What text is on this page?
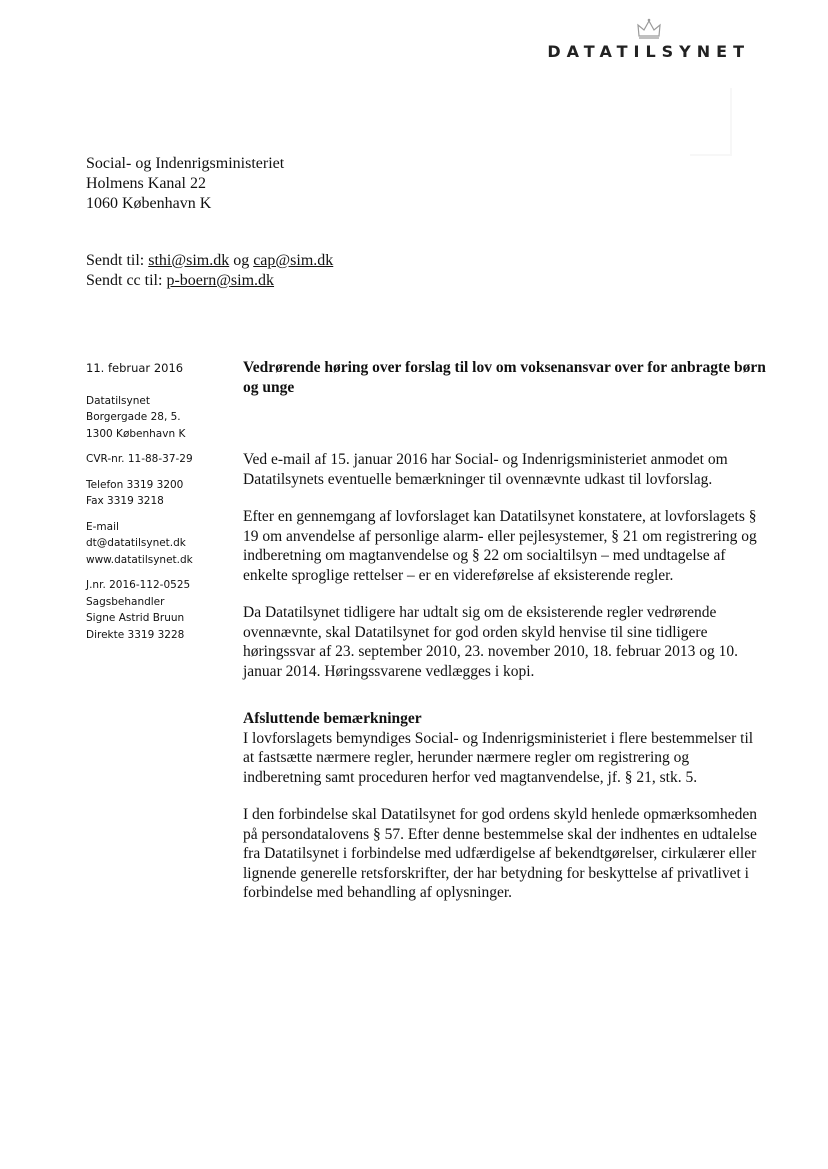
DATATILSYNET
Social- og Indenrigsministeriet
Holmens Kanal 22
1060 København K
Sendt til: sthi@sim.dk og cap@sim.dk
Sendt cc til: p-boern@sim.dk
11. februar 2016
Datatilsynet
Borgergade 28, 5.
1300 København K
CVR-nr. 11-88-37-29
Telefon 3319 3200
Fax 3319 3218
E-mail
dt@datatilsynet.dk
www.datatilsynet.dk
J.nr. 2016-112-0525
Sagsbehandler
Signe Astrid Bruun
Direkte 3319 3228

Vedrørende høring over forslag til lov om voksenansvar over for anbragte børn og unge

Ved e-mail af 15. januar 2016 har Social- og Indenrigsministeriet anmodet om Datatilsynets eventuelle bemærkninger til ovennævnte udkast til lovforslag.

Efter en gennemgang af lovforslaget kan Datatilsynet konstatere, at lovforslagets § 19 om anvendelse af personlige alarm- eller pejlesystemer, § 21 om registrering og indberetning om magtanvendelse og § 22 om socialtilsyn – med undtagelse af enkelte sproglige rettelser – er en videreførelse af eksisterende regler.

Da Datatilsynet tidligere har udtalt sig om de eksisterende regler vedrørende ovennævnte, skal Datatilsynet for god orden skyld henvise til sine tidligere høringssvar af 23. september 2010, 23. november 2010, 18. februar 2013 og 10. januar 2014. Høringssvarene vedlægges i kopi.

Afsluttende bemærkninger

I lovforslagets bemyndiges Social- og Indenrigsministeriet i flere bestemmelser til at fastsætte nærmere regler, herunder nærmere regler om registrering og indberetning samt proceduren herfor ved magtanvendelse, jf. § 21, stk. 5.

I den forbindelse skal Datatilsynet for god ordens skyld henlede opmærksomheden på persondatalovens § 57. Efter denne bestemmelse skal der indhentes en udtalelse fra Datatilsynet i forbindelse med udfærdigelse af bekendtgørelser, cirkulærer eller lignende generelle retsforskrifter, der har betydning for beskyttelse af privatlivet i forbindelse med behandling af oplysninger.
